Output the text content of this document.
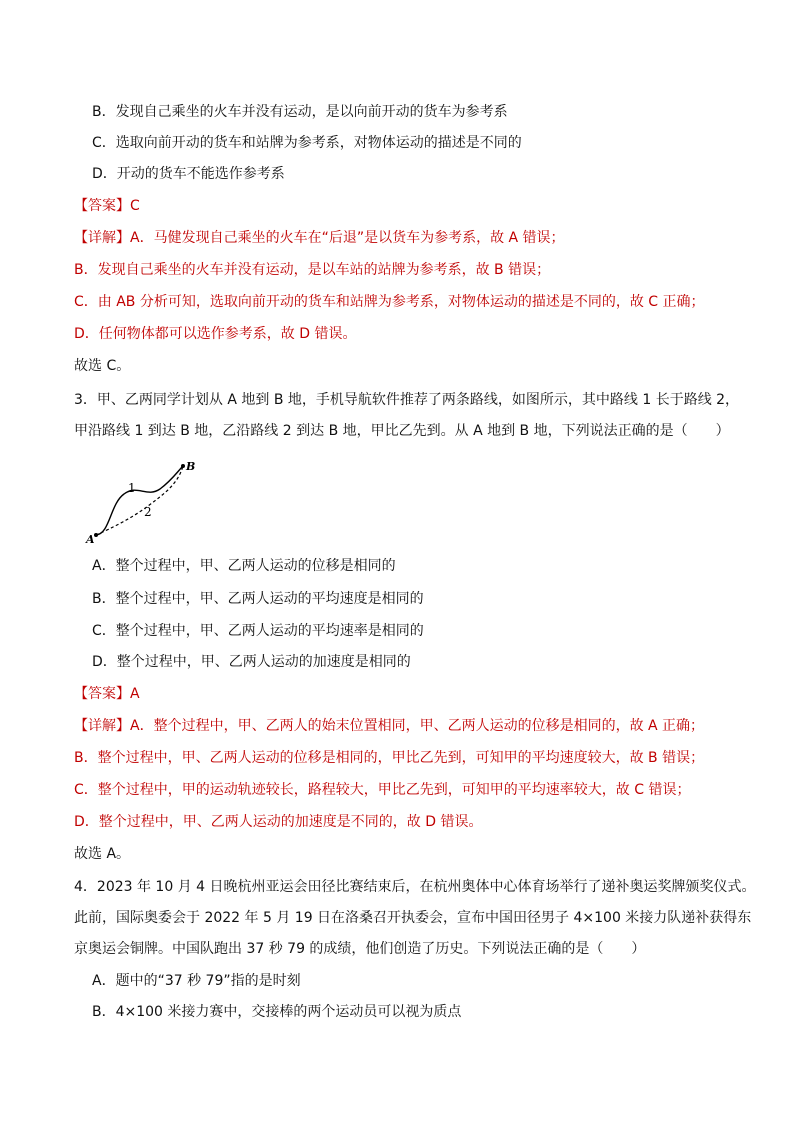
B．发现自己乘坐的火车并没有运动，是以向前开动的货车为参考系
C．选取向前开动的货车和站牌为参考系，对物体运动的描述是不同的
D．开动的货车不能选作参考系
【答案】C
【详解】A．马健发现自己乘坐的火车在“后退”是以货车为参考系，故 A 错误；
B．发现自己乘坐的火车并没有运动，是以车站的站牌为参考系，故 B 错误；
C．由 AB 分析可知，选取向前开动的货车和站牌为参考系，对物体运动的描述是不同的，故 C 正确；
D．任何物体都可以选作参考系，故 D 错误。
故选 C。
3．甲、乙两同学计划从 A 地到 B 地，手机导航软件推荐了两条路线，如图所示，其中路线 1 长于路线 2，
甲沿路线 1 到达 B 地，乙沿路线 2 到达 B 地，甲比乙先到。从 A 地到 B 地，下列说法正确的是（　　）
A
B
1
2
A．整个过程中，甲、乙两人运动的位移是相同的
B．整个过程中，甲、乙两人运动的平均速度是相同的
C．整个过程中，甲、乙两人运动的平均速率是相同的
D．整个过程中，甲、乙两人运动的加速度是相同的
【答案】A
【详解】A．整个过程中，甲、乙两人的始末位置相同，甲、乙两人运动的位移是相同的，故 A 正确；
B．整个过程中，甲、乙两人运动的位移是相同的，甲比乙先到，可知甲的平均速度较大，故 B 错误；
C．整个过程中，甲的运动轨迹较长，路程较大，甲比乙先到，可知甲的平均速率较大，故 C 错误；
D．整个过程中，甲、乙两人运动的加速度是不同的，故 D 错误。
故选 A。
4．2023 年 10 月 4 日晚杭州亚运会田径比赛结束后，在杭州奥体中心体育场举行了递补奥运奖牌颁奖仪式。
此前，国际奥委会于 2022 年 5 月 19 日在洛桑召开执委会，宣布中国田径男子 4×100 米接力队递补获得东
京奥运会铜牌。中国队跑出 37 秒 79 的成绩，他们创造了历史。下列说法正确的是（　　）
A．题中的“37 秒 79”指的是时刻
B．4×100 米接力赛中，交接棒的两个运动员可以视为质点
